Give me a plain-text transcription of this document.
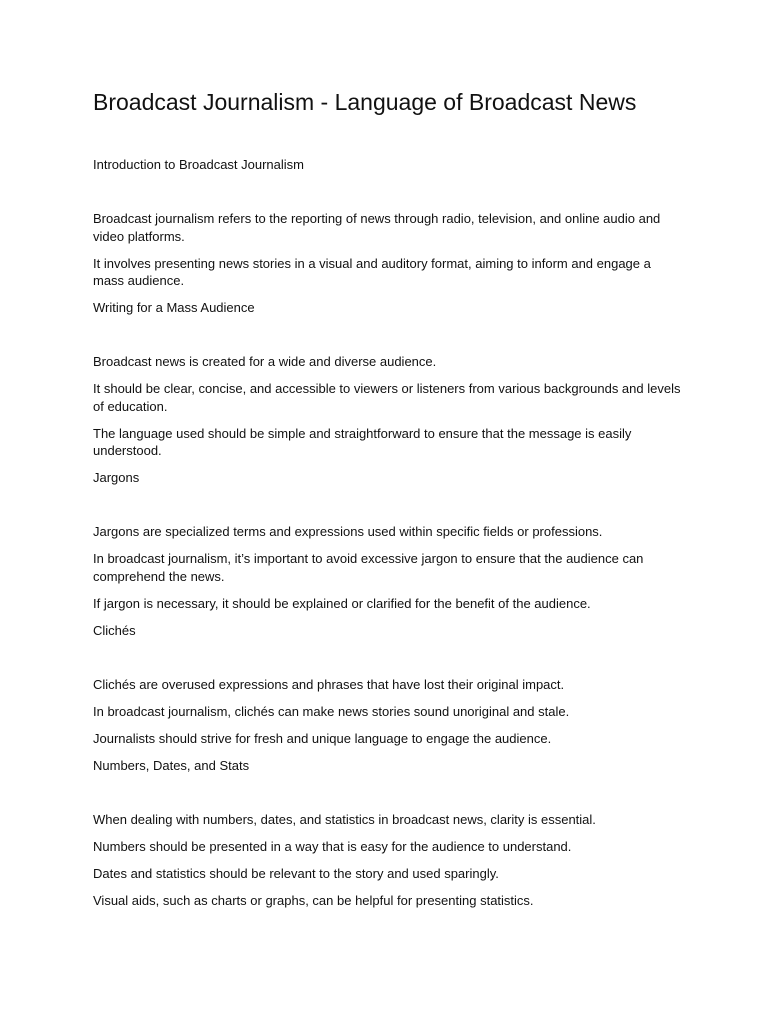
Broadcast Journalism - Language of Broadcast News

Introduction to Broadcast Journalism

Broadcast journalism refers to the reporting of news through radio, television, and online audio and video platforms.

It involves presenting news stories in a visual and auditory format, aiming to inform and engage a mass audience.

Writing for a Mass Audience

Broadcast news is created for a wide and diverse audience.

It should be clear, concise, and accessible to viewers or listeners from various backgrounds and levels of education.

The language used should be simple and straightforward to ensure that the message is easily understood.

Jargons

Jargons are specialized terms and expressions used within specific fields or professions.

In broadcast journalism, it’s important to avoid excessive jargon to ensure that the audience can comprehend the news.

If jargon is necessary, it should be explained or clarified for the benefit of the audience.

Clichés

Clichés are overused expressions and phrases that have lost their original impact.

In broadcast journalism, clichés can make news stories sound unoriginal and stale.

Journalists should strive for fresh and unique language to engage the audience.

Numbers, Dates, and Stats

When dealing with numbers, dates, and statistics in broadcast news, clarity is essential.

Numbers should be presented in a way that is easy for the audience to understand.

Dates and statistics should be relevant to the story and used sparingly.

Visual aids, such as charts or graphs, can be helpful for presenting statistics.
